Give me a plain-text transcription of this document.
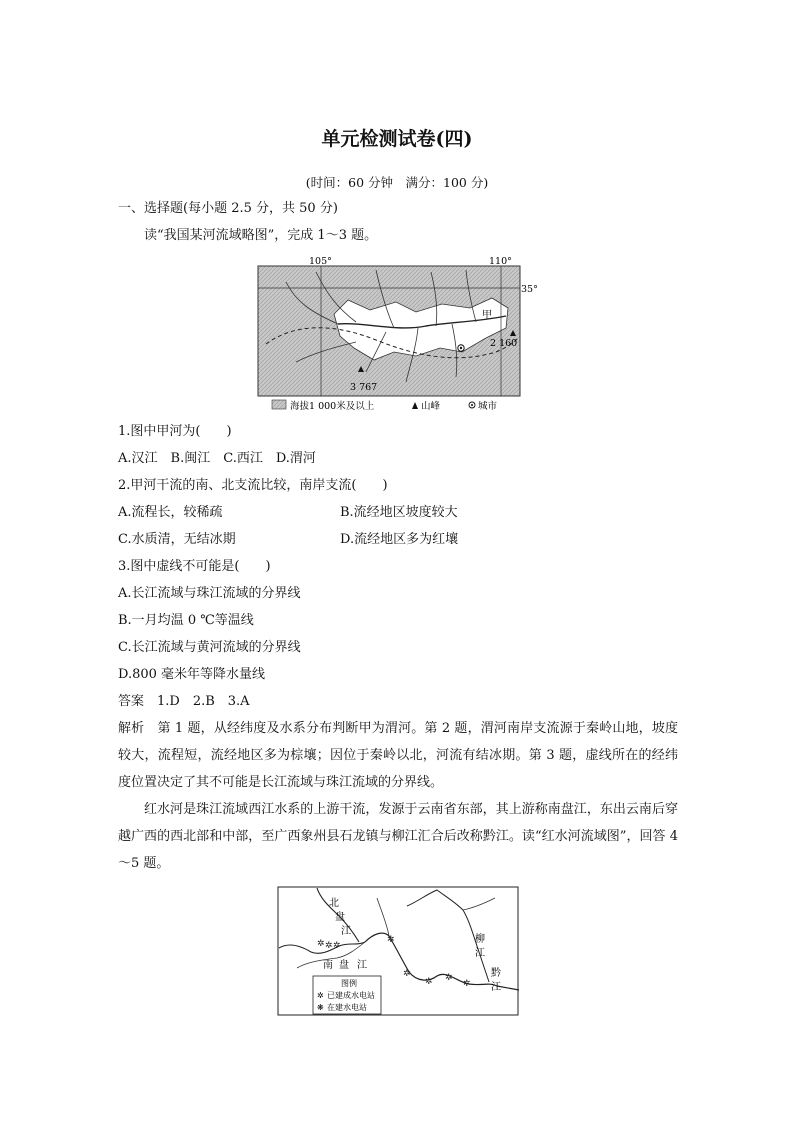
单元检测试卷(四)
(时间：60 分钟　满分：100 分)
一、选择题(每小题 2.5 分，共 50 分)
读“我国某河流域略图”，完成 1～3 题。
105°	110°
35°
甲
3 767
2 160
海拔1 000米及以上	山峰	城市
1.图中甲河为(　　)
A.汉江　B.闽江　C.西江　D.渭河
2.甲河干流的南、北支流比较，南岸支流(　　)
A.流程长，较稀疏	B.流经地区坡度较大
C.水质清，无结冰期	D.流经地区多为红壤
3.图中虚线不可能是(　　)
A.长江流域与珠江流域的分界线
B.一月均温 0 ℃等温线
C.长江流域与黄河流域的分界线
D.800 毫米年等降水量线
答案　1.D　2.B　3.A
解析　第 1 题，从经纬度及水系分布判断甲为渭河。第 2 题，渭河南岸支流源于秦岭山地，坡度较大，流程短，流经地区多为棕壤；因位于秦岭以北，河流有结冰期。第 3 题，虚线所在的经纬度位置决定了其不可能是长江流域与珠江流域的分界线。
红水河是珠江流域西江水系的上游干流，发源于云南省东部，其上游称南盘江，东出云南后穿越广西的西北部和中部，至广西象州县石龙镇与柳江汇合后改称黔江。读“红水河流域图”，回答 4～5 题。
✲ ✲ ✲
✲
✲
✲ ✲
✲
北
盘
江
南 盘 江
柳
江
黔
江
图例
✲ 已建成水电站
❋ 在建水电站
